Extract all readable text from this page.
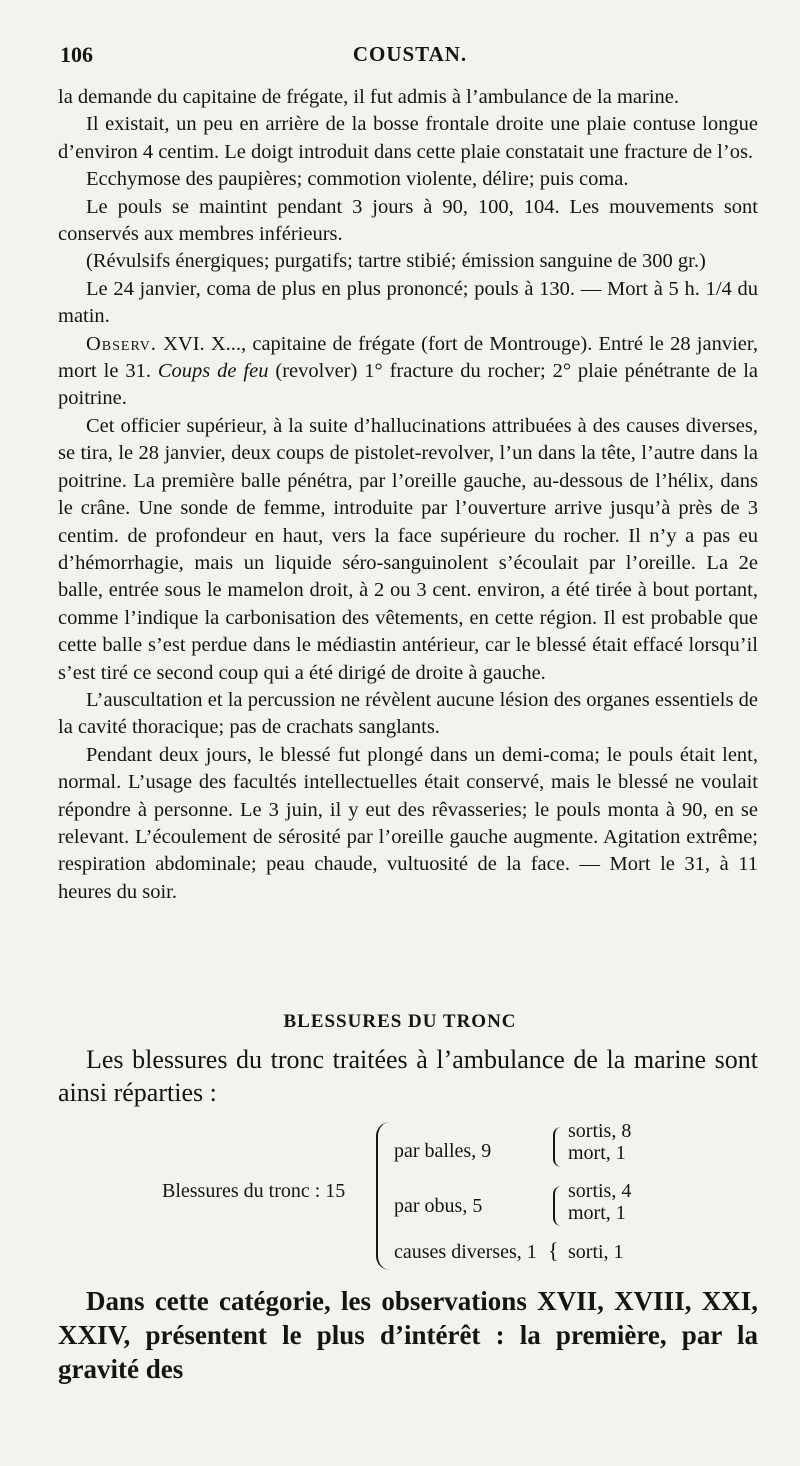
106	COUSTAN.

la demande du capitaine de frégate, il fut admis à l’ambulance de la marine.

Il existait, un peu en arrière de la bosse frontale droite une plaie contuse longue d’environ 4 centim. Le doigt introduit dans cette plaie constatait une fracture de l’os.

Ecchymose des paupières; commotion violente, délire; puis coma.

Le pouls se maintint pendant 3 jours à 90, 100, 104. Les mouvements sont conservés aux membres inférieurs.

(Révulsifs énergiques; purgatifs; tartre stibié; émission sanguine de 300 gr.)

Le 24 janvier, coma de plus en plus prononcé; pouls à 130. — Mort à 5 h. 1/4 du matin.

Observ. XVI. X..., capitaine de frégate (fort de Montrouge). Entré le 28 janvier, mort le 31. Coups de feu (revolver) 1° fracture du rocher; 2° plaie pénétrante de la poitrine.

Cet officier supérieur, à la suite d’hallucinations attribuées à des causes diverses, se tira, le 28 janvier, deux coups de pistolet-revolver, l’un dans la tête, l’autre dans la poitrine. La première balle pénétra, par l’oreille gauche, au-dessous de l’hélix, dans le crâne. Une sonde de femme, introduite par l’ouverture arrive jusqu’à près de 3 centim. de profondeur en haut, vers la face supérieure du rocher. Il n’y a pas eu d’hémorrhagie, mais un liquide séro-sanguinolent s’écoulait par l’oreille. La 2e balle, entrée sous le mamelon droit, à 2 ou 3 cent. environ, a été tirée à bout portant, comme l’indique la carbonisation des vêtements, en cette région. Il est probable que cette balle s’est perdue dans le médiastin antérieur, car le blessé était effacé lorsqu’il s’est tiré ce second coup qui a été dirigé de droite à gauche.

L’auscultation et la percussion ne révèlent aucune lésion des organes essentiels de la cavité thoracique; pas de crachats sanglants.

Pendant deux jours, le blessé fut plongé dans un demi-coma; le pouls était lent, normal. L’usage des facultés intellectuelles était conservé, mais le blessé ne voulait répondre à personne. Le 3 juin, il y eut des rêvasseries; le pouls monta à 90, en se relevant. L’écoulement de sérosité par l’oreille gauche augmente. Agitation extrême; respiration abdominale; peau chaude, vultuosité de la face. — Mort le 31, à 11 heures du soir.

BLESSURES DU TRONC

Les blessures du tronc traitées à l’ambulance de la marine sont ainsi réparties :

Blessures du tronc : 15
par balles, 9
sortis, 8
mort, 1
par obus, 5
sortis, 4
mort, 1
causes diverses, 1 { sorti, 1

Dans cette catégorie, les observations XVII, XVIII, XXI, XXIV, présentent le plus d’intérêt : la première, par la gravité des
